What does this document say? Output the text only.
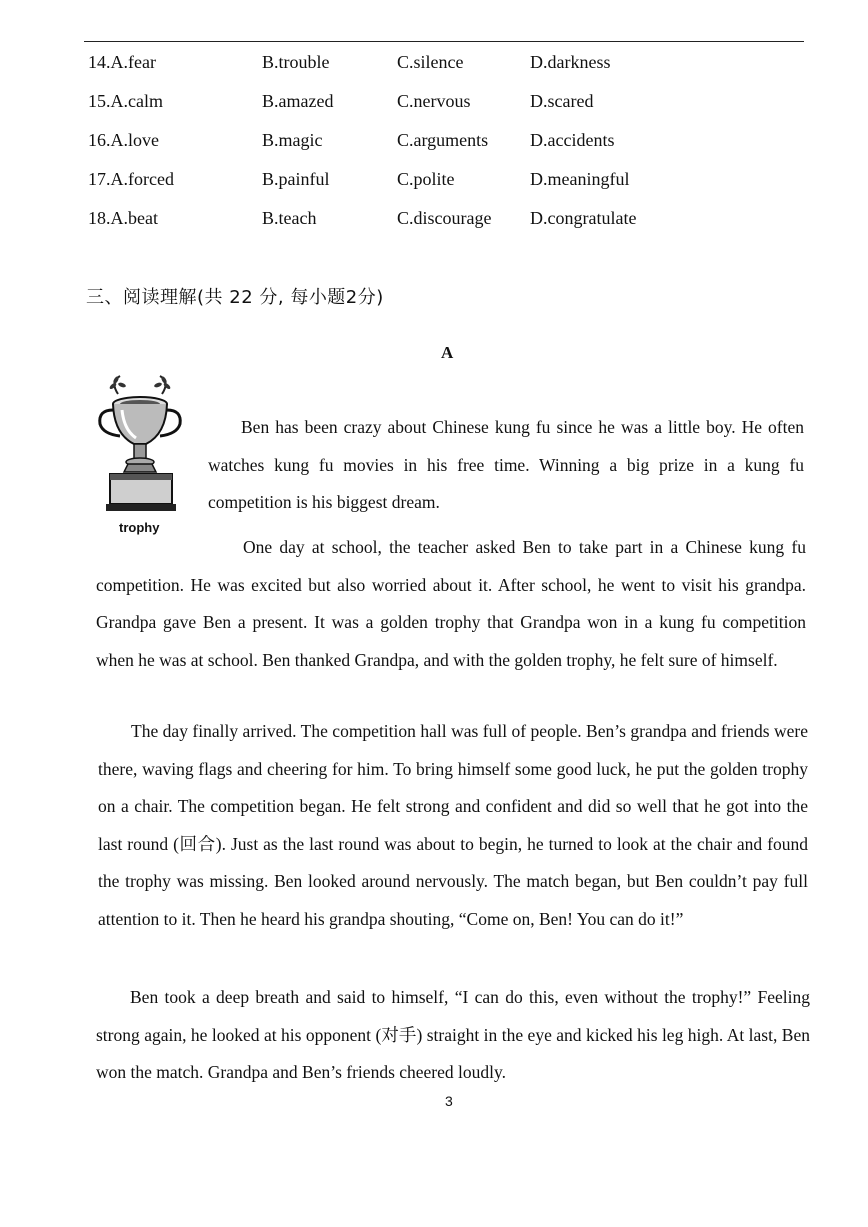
14.A.fear	B.trouble	C.silence	D.darkness
15.A.calm	B.amazed	C.nervous	D.scared
16.A.love	B.magic	C.arguments D.accidents
17.A.forced	B.painful	C.polite	D.meaningful
18.A.beat	B.teach	C.discourage D.congratulate
三、阅读理解(共 22 分, 每小题2分)
A
trophy
Ben has been crazy about Chinese kung fu since he was a little boy. He often watches kung fu movies in his free time. Winning a big prize in a kung fu competition is his biggest dream.
One day at school, the teacher asked Ben to take part in a Chinese kung fu competition. He was excited but also worried about it. After school, he went to visit his grandpa. Grandpa gave Ben a present. It was a golden trophy that Grandpa won in a kung fu competition when he was at school. Ben thanked Grandpa, and with the golden trophy, he felt sure of himself.
The day finally arrived. The competition hall was full of people. Ben’s grandpa and friends were there, waving flags and cheering for him. To bring himself some good luck, he put the golden trophy on a chair. The competition began. He felt strong and confident and did so well that he got into the last round (回合). Just as the last round was about to begin, he turned to look at the chair and found the trophy was missing. Ben looked around nervously. The match began, but Ben couldn’t pay full attention to it. Then he heard his grandpa shouting, “Come on, Ben! You can do it!”
Ben took a deep breath and said to himself, “I can do this, even without the trophy!” Feeling strong again, he looked at his opponent (对手) straight in the eye and kicked his leg high. At last, Ben won the match. Grandpa and Ben’s friends cheered loudly.
3
